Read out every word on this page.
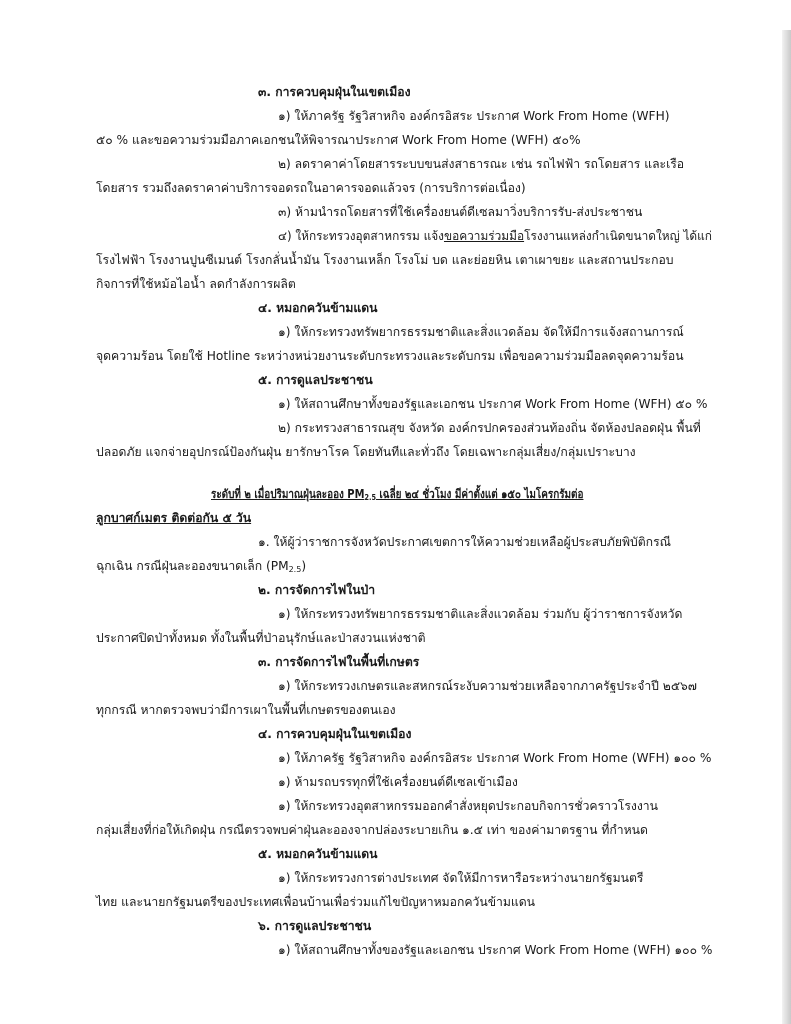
๓. การควบคุมฝุ่นในเขตเมือง
๑) ให้ภาครัฐ รัฐวิสาหกิจ องค์กรอิสระ ประกาศ Work From Home (WFH)
๕๐ % และขอความร่วมมือภาคเอกชนให้พิจารณาประกาศ Work From Home (WFH) ๕๐%
๒) ลดราคาค่าโดยสารระบบขนส่งสาธารณะ เช่น รถไฟฟ้า รถโดยสาร และเรือ
โดยสาร รวมถึงลดราคาค่าบริการจอดรถในอาคารจอดแล้วจร (การบริการต่อเนื่อง)
๓) ห้ามนำรถโดยสารที่ใช้เครื่องยนต์ดีเซลมาวิ่งบริการรับ-ส่งประชาชน
๔) ให้กระทรวงอุตสาหกรรม แจ้งขอความร่วมมือโรงงานแหล่งกำเนิดขนาดใหญ่ ได้แก่
โรงไฟฟ้า โรงงานปูนซีเมนต์ โรงกลั่นน้ำมัน โรงงานเหล็ก โรงโม่ บด และย่อยหิน เตาเผาขยะ และสถานประกอบ
กิจการที่ใช้หม้อไอน้ำ ลดกำลังการผลิต
๔. หมอกควันข้ามแดน
๑) ให้กระทรวงทรัพยากรธรรมชาติและสิ่งแวดล้อม จัดให้มีการแจ้งสถานการณ์
จุดความร้อน โดยใช้ Hotline ระหว่างหน่วยงานระดับกระทรวงและระดับกรม เพื่อขอความร่วมมือลดจุดความร้อน
๕. การดูแลประชาชน
๑) ให้สถานศึกษาทั้งของรัฐและเอกชน ประกาศ Work From Home (WFH) ๕๐ %
๒) กระทรวงสาธารณสุข จังหวัด องค์กรปกครองส่วนท้องถิ่น จัดห้องปลอดฝุ่น พื้นที่
ปลอดภัย แจกจ่ายอุปกรณ์ป้องกันฝุ่น ยารักษาโรค โดยทันทีและทั่วถึง โดยเฉพาะกลุ่มเสี่ยง/กลุ่มเปราะบาง
ระดับที่ ๒ เมื่อปริมาณฝุ่นละออง $PM_{2.5}$ เฉลี่ย ๒๔ ชั่วโมง มีค่าตั้งแต่ ๑๕๐ ไมโครกรัมต่อ
ลูกบาศก์เมตร ติดต่อกัน ๕ วัน
๑. ให้ผู้ว่าราชการจังหวัดประกาศเขตการให้ความช่วยเหลือผู้ประสบภัยพิบัติกรณี
ฉุกเฉิน กรณีฝุ่นละอองขนาดเล็ก $(PM_{2.5})$
๒. การจัดการไฟในป่า
๑) ให้กระทรวงทรัพยากรธรรมชาติและสิ่งแวดล้อม ร่วมกับ ผู้ว่าราชการจังหวัด
ประกาศปิดป่าทั้งหมด ทั้งในพื้นที่ป่าอนุรักษ์และป่าสงวนแห่งชาติ
๓. การจัดการไฟในพื้นที่เกษตร
๑) ให้กระทรวงเกษตรและสหกรณ์ระงับความช่วยเหลือจากภาครัฐประจำปี ๒๕๖๗
ทุกกรณี หากตรวจพบว่ามีการเผาในพื้นที่เกษตรของตนเอง
๔. การควบคุมฝุ่นในเขตเมือง
๑) ให้ภาครัฐ รัฐวิสาหกิจ องค์กรอิสระ ประกาศ Work From Home (WFH) ๑๐๐ %
๑) ห้ามรถบรรทุกที่ใช้เครื่องยนต์ดีเซลเข้าเมือง
๑) ให้กระทรวงอุตสาหกรรมออกคำสั่งหยุดประกอบกิจการชั่วคราวโรงงาน
กลุ่มเสี่ยงที่ก่อให้เกิดฝุ่น กรณีตรวจพบค่าฝุ่นละอองจากปล่องระบายเกิน ๑.๕ เท่า ของค่ามาตรฐาน ที่กำหนด
๕. หมอกควันข้ามแดน
๑) ให้กระทรวงการต่างประเทศ จัดให้มีการหารือระหว่างนายกรัฐมนตรี
ไทย และนายกรัฐมนตรีของประเทศเพื่อนบ้านเพื่อร่วมแก้ไขปัญหาหมอกควันข้ามแดน
๖. การดูแลประชาชน
๑) ให้สถานศึกษาทั้งของรัฐและเอกชน ประกาศ Work From Home (WFH) ๑๐๐ %
